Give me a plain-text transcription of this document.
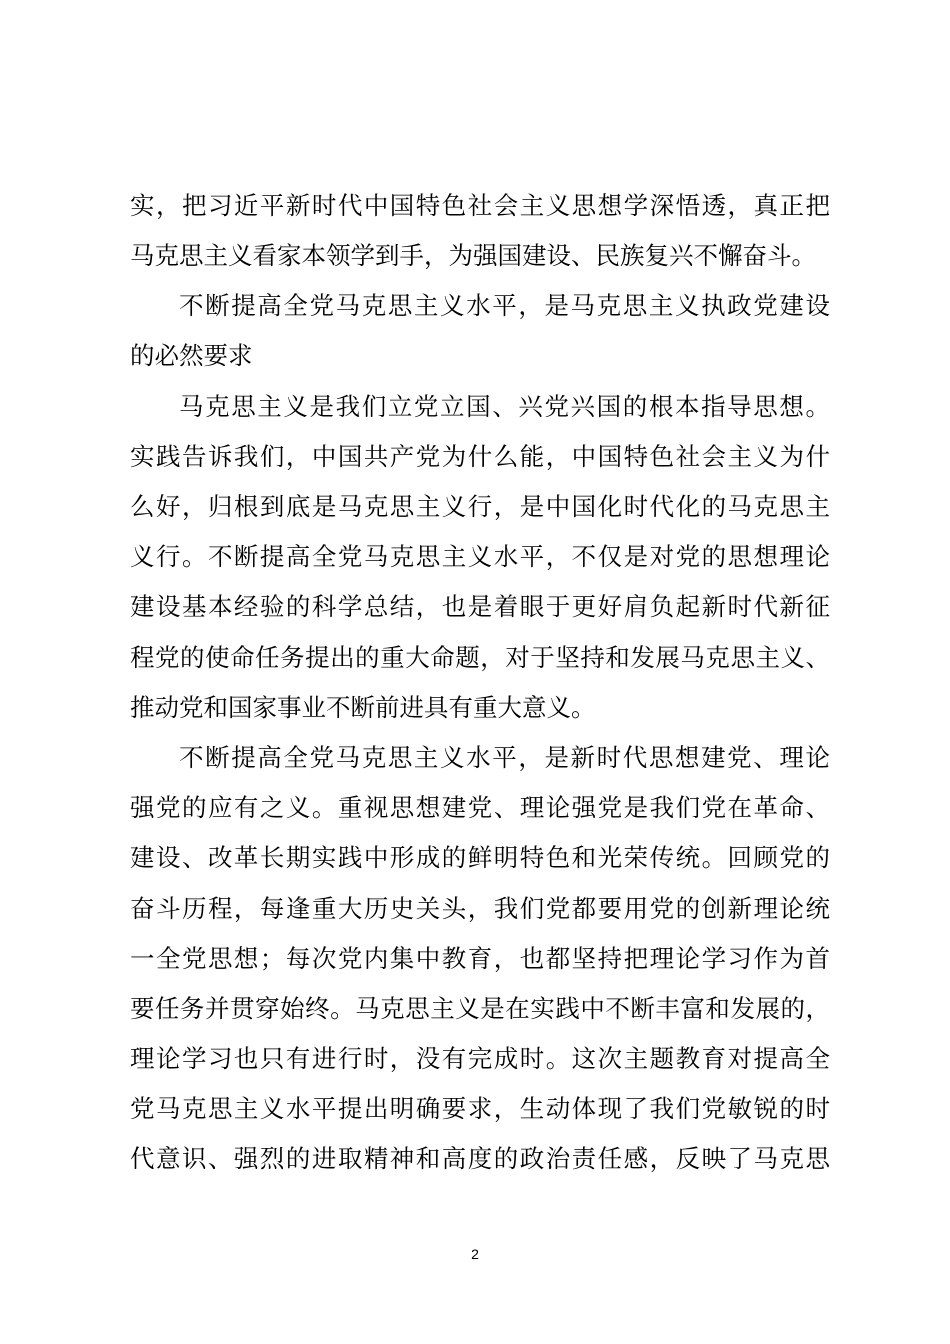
实，把习近平新时代中国特色社会主义思想学深悟透，真正把
马克思主义看家本领学到手，为强国建设、民族复兴不懈奋斗。
不断提高全党马克思主义水平，是马克思主义执政党建设
的必然要求
马克思主义是我们立党立国、兴党兴国的根本指导思想。
实践告诉我们，中国共产党为什么能，中国特色社会主义为什
么好，归根到底是马克思主义行，是中国化时代化的马克思主
义行。不断提高全党马克思主义水平，不仅是对党的思想理论
建设基本经验的科学总结，也是着眼于更好肩负起新时代新征
程党的使命任务提出的重大命题，对于坚持和发展马克思主义、
推动党和国家事业不断前进具有重大意义。
不断提高全党马克思主义水平，是新时代思想建党、理论
强党的应有之义。重视思想建党、理论强党是我们党在革命、
建设、改革长期实践中形成的鲜明特色和光荣传统。回顾党的
奋斗历程，每逢重大历史关头，我们党都要用党的创新理论统
一全党思想；每次党内集中教育，也都坚持把理论学习作为首
要任务并贯穿始终。马克思主义是在实践中不断丰富和发展的，
理论学习也只有进行时，没有完成时。这次主题教育对提高全
党马克思主义水平提出明确要求，生动体现了我们党敏锐的时
代意识、强烈的进取精神和高度的政治责任感，反映了马克思
2
